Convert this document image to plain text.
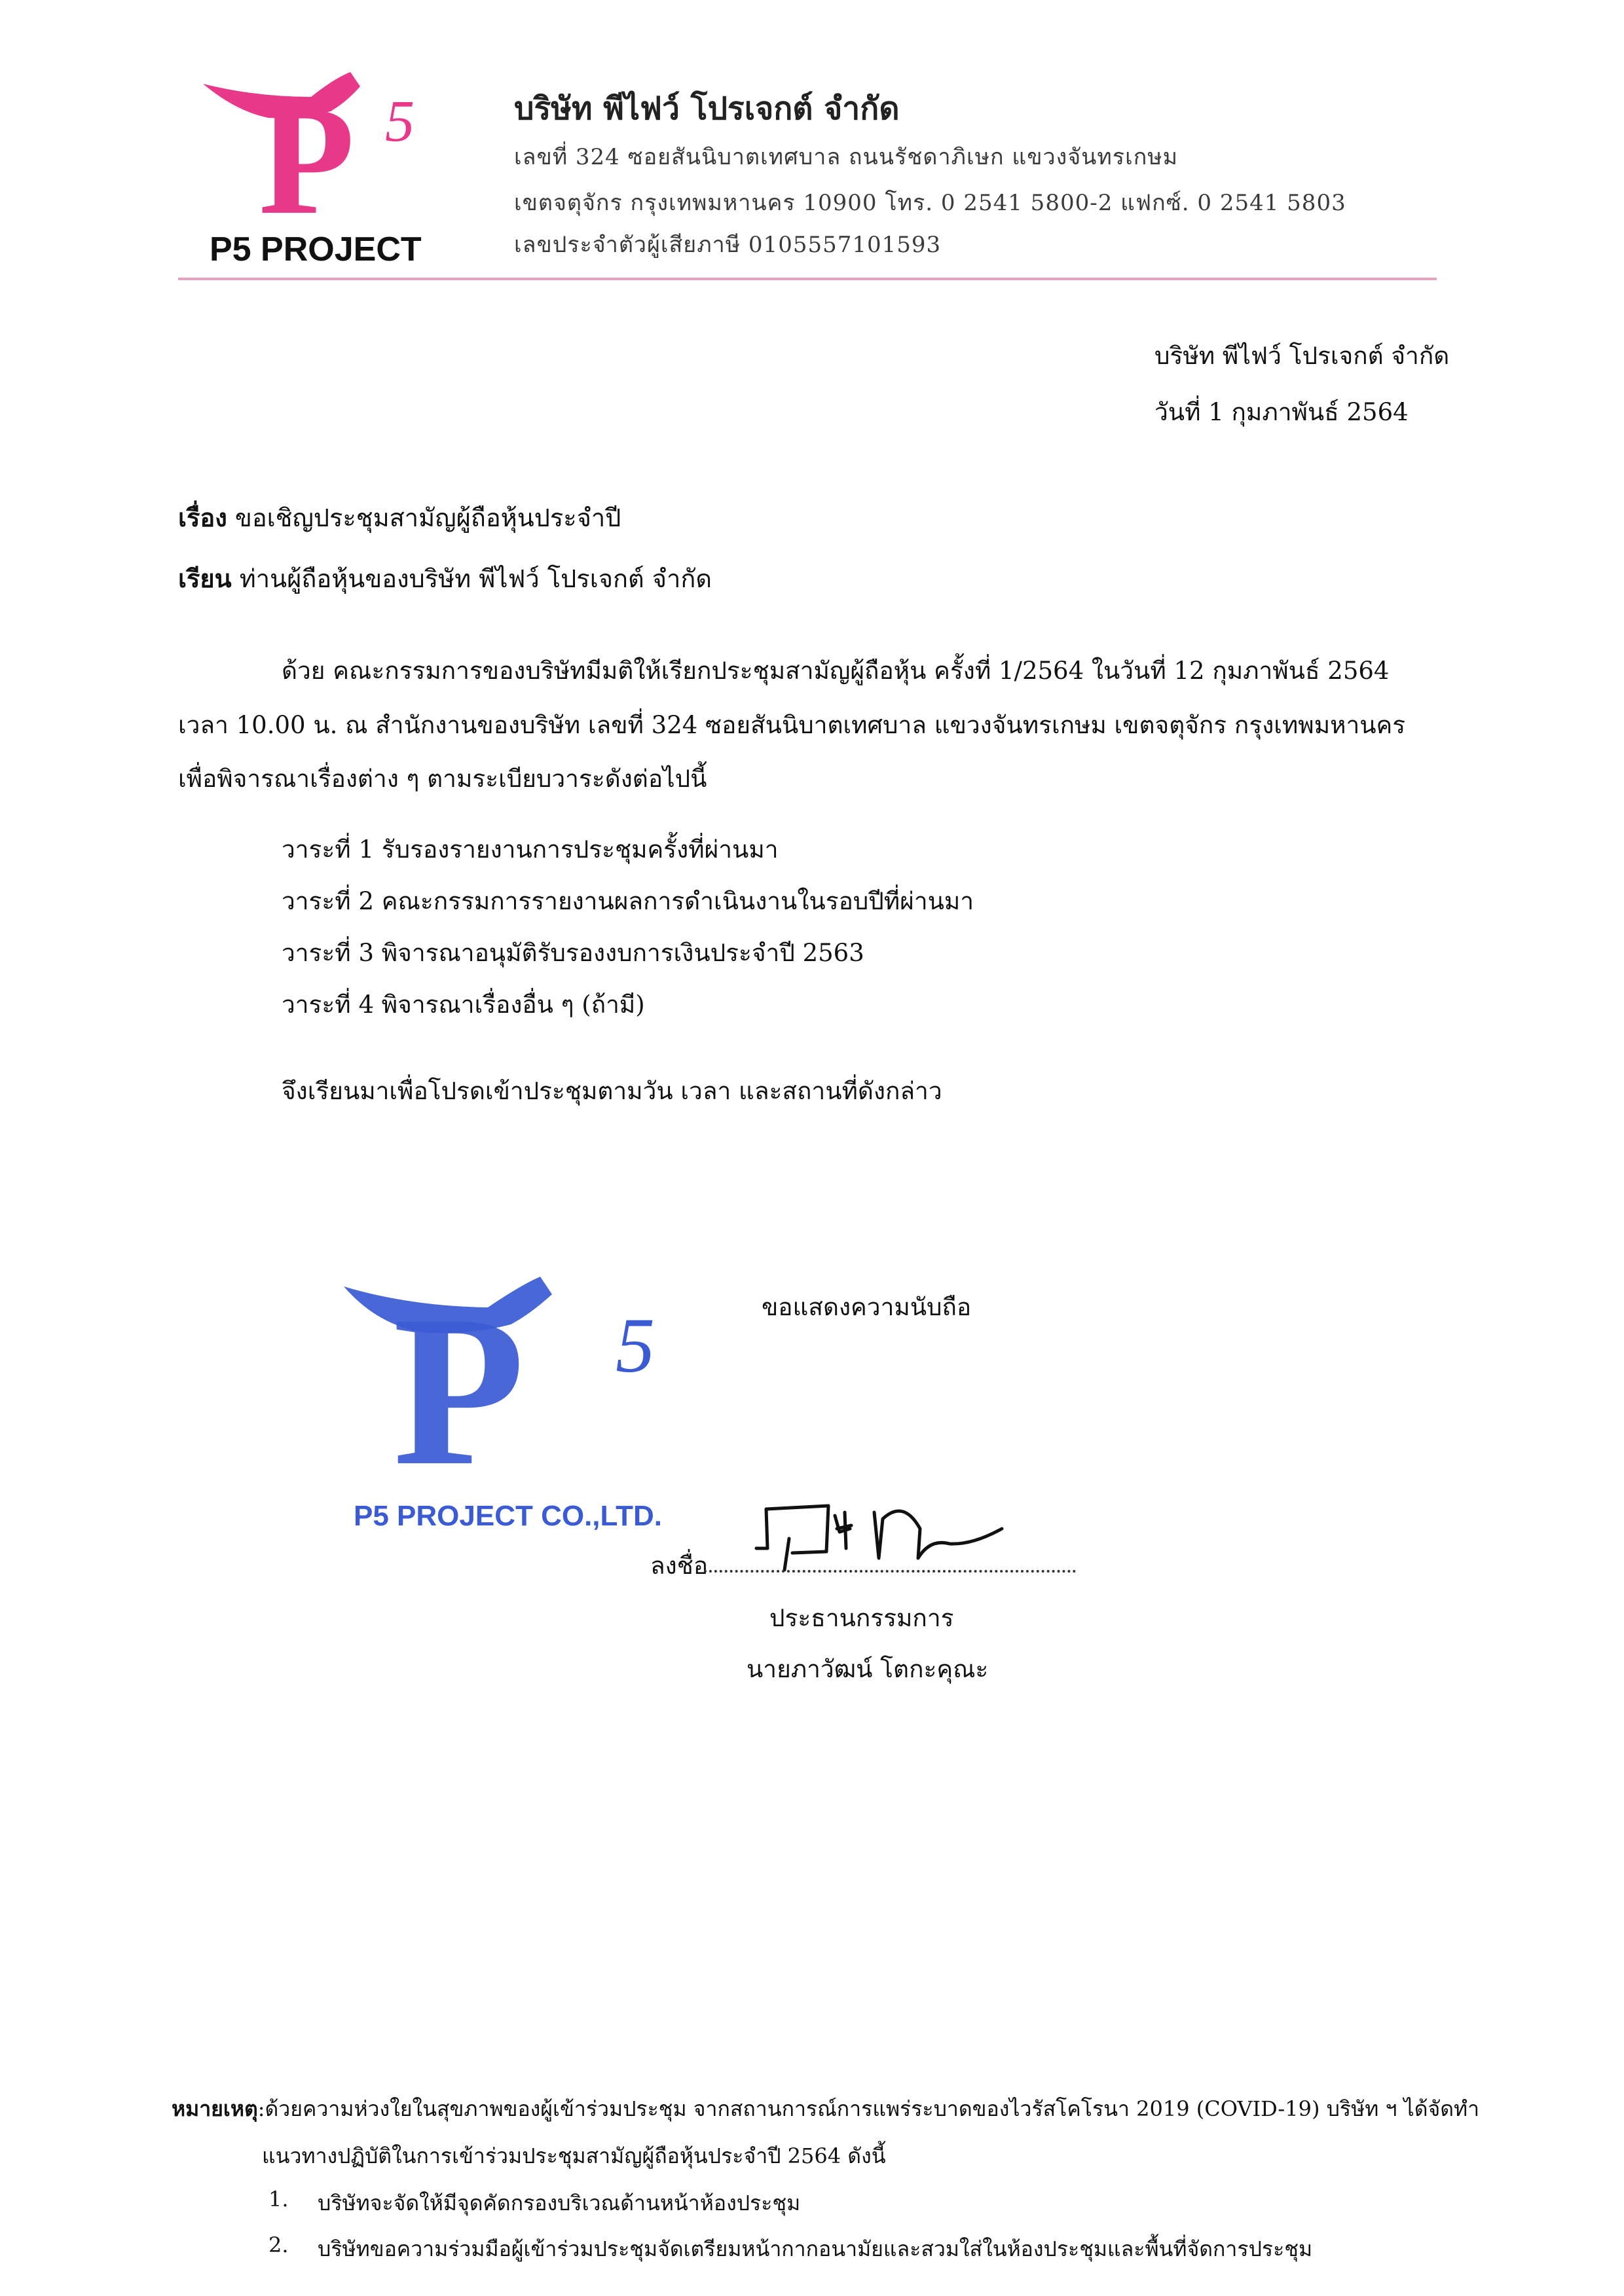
P 5
P5 PROJECT
บริษัท พีไฟว์ โปรเจกต์ จำกัด
เลขที่ 324 ซอยสันนิบาตเทศบาล ถนนรัชดาภิเษก แขวงจันทรเกษม
เขตจตุจักร กรุงเทพมหานคร 10900 โทร. 0 2541 5800-2 แฟกซ์. 0 2541 5803
เลขประจำตัวผู้เสียภาษี 0105557101593
บริษัท พีไฟว์ โปรเจกต์ จำกัด
วันที่ 1 กุมภาพันธ์ 2564
เรื่อง ขอเชิญประชุมสามัญผู้ถือหุ้นประจำปี
เรียน ท่านผู้ถือหุ้นของบริษัท พีไฟว์ โปรเจกต์ จำกัด
ด้วย คณะกรรมการของบริษัทมีมติให้เรียกประชุมสามัญผู้ถือหุ้น ครั้งที่ 1/2564 ในวันที่ 12 กุมภาพันธ์ 2564
เวลา 10.00 น. ณ สำนักงานของบริษัท เลขที่ 324 ซอยสันนิบาตเทศบาล แขวงจันทรเกษม เขตจตุจักร กรุงเทพมหานคร
เพื่อพิจารณาเรื่องต่าง ๆ ตามระเบียบวาระดังต่อไปนี้
วาระที่ 1 รับรองรายงานการประชุมครั้งที่ผ่านมา
วาระที่ 2 คณะกรรมการรายงานผลการดำเนินงานในรอบปีที่ผ่านมา
วาระที่ 3 พิจารณาอนุมัติรับรองงบการเงินประจำปี 2563
วาระที่ 4 พิจารณาเรื่องอื่น ๆ (ถ้ามี)
จึงเรียนมาเพื่อโปรดเข้าประชุมตามวัน เวลา และสถานที่ดังกล่าว
P 5
P5 PROJECT CO.,LTD.
ขอแสดงความนับถือ
ลงชื่อ
ประธานกรรมการ
นายภาวัฒน์ โตกะคุณะ
หมายเหตุ:ด้วยความห่วงใยในสุขภาพของผู้เข้าร่วมประชุม จากสถานการณ์การแพร่ระบาดของไวรัสโคโรนา 2019 (COVID-19) บริษัท ฯ ได้จัดทำ
แนวทางปฏิบัติในการเข้าร่วมประชุมสามัญผู้ถือหุ้นประจำปี 2564 ดังนี้
1. บริษัทจะจัดให้มีจุดคัดกรองบริเวณด้านหน้าห้องประชุม
2. บริษัทขอความร่วมมือผู้เข้าร่วมประชุมจัดเตรียมหน้ากากอนามัยและสวมใส่ในห้องประชุมและพื้นที่จัดการประชุม
